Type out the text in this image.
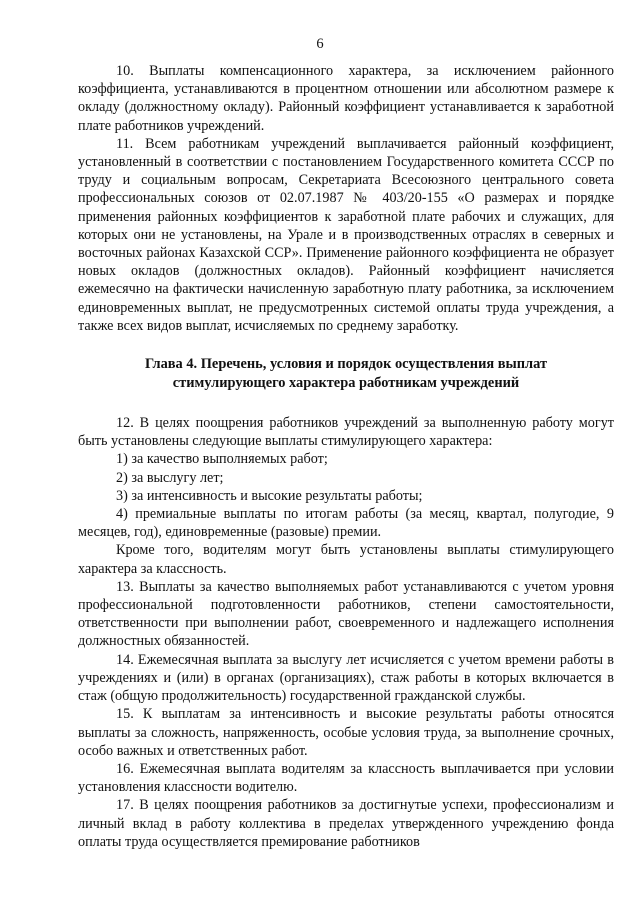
6

10. Выплаты компенсационного характера, за исключением районного коэффициента, устанавливаются в процентном отношении или абсолютном размере к окладу (должностному окладу). Районный коэффициент устанавливается к заработной плате работников учреждений.

11. Всем работникам учреждений выплачивается районный коэффициент, установленный в соответствии с постановлением Государственного комитета СССР по труду и социальным вопросам, Секретариата Всесоюзного центрального совета профессиональных союзов от 02.07.1987 № 403/20-155 «О размерах и порядке применения районных коэффициентов к заработной плате рабочих и служащих, для которых они не установлены, на Урале и в производственных отраслях в северных и восточных районах Казахской ССР». Применение районного коэффициента не образует новых окладов (должностных окладов). Районный коэффициент начисляется ежемесячно на фактически начисленную заработную плату работника, за исключением единовременных выплат, не предусмотренных системой оплаты труда учреждения, а также всех видов выплат, исчисляемых по среднему заработку.

Глава 4. Перечень, условия и порядок осуществления выплат стимулирующего характера работникам учреждений

12. В целях поощрения работников учреждений за выполненную работу могут быть установлены следующие выплаты стимулирующего характера:

1) за качество выполняемых работ;

2) за выслугу лет;

3) за интенсивность и высокие результаты работы;

4) премиальные выплаты по итогам работы (за месяц, квартал, полугодие, 9 месяцев, год), единовременные (разовые) премии.

Кроме того, водителям могут быть установлены выплаты стимулирующего характера за классность.

13. Выплаты за качество выполняемых работ устанавливаются с учетом уровня профессиональной подготовленности работников, степени самостоятельности, ответственности при выполнении работ, своевременного и надлежащего исполнения должностных обязанностей.

14. Ежемесячная выплата за выслугу лет исчисляется с учетом времени работы в учреждениях и (или) в органах (организациях), стаж работы в которых включается в стаж (общую продолжительность) государственной гражданской службы.

15. К выплатам за интенсивность и высокие результаты работы относятся выплаты за сложность, напряженность, особые условия труда, за выполнение срочных, особо важных и ответственных работ.

16. Ежемесячная выплата водителям за классность выплачивается при условии установления классности водителю.

17. В целях поощрения работников за достигнутые успехи, профессионализм и личный вклад в работу коллектива в пределах утвержденного учреждению фонда оплаты труда осуществляется премирование работников
